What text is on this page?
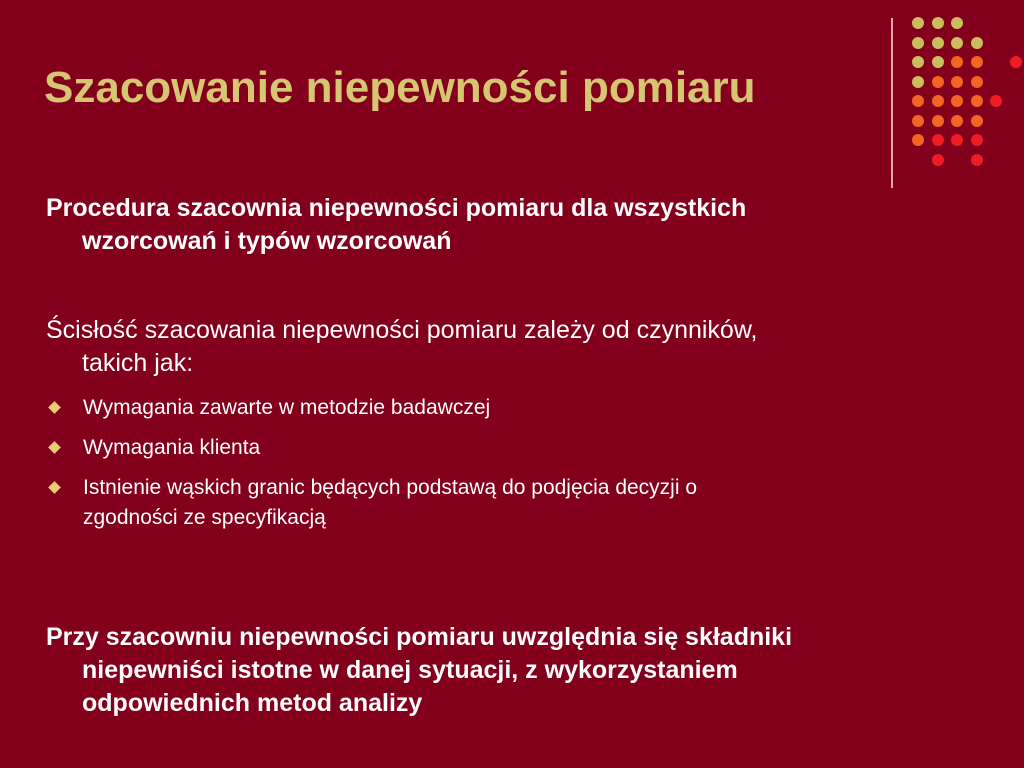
Szacowanie niepewności pomiaru

Procedura szacownia niepewności pomiaru dla wszystkich
wzorcowań i typów wzorcowań

Ścisłość szacowania niepewności pomiaru zależy od czynników,
takich jak:

Wymagania zawarte w metodzie badawczej
Wymagania klienta
Istnienie wąskich granic będących podstawą do podjęcia decyzji o
zgodności ze specyfikacją

Przy szacowniu niepewności pomiaru uwzględnia się składniki
niepewniści istotne w danej sytuacji, z wykorzystaniem
odpowiednich metod analizy
